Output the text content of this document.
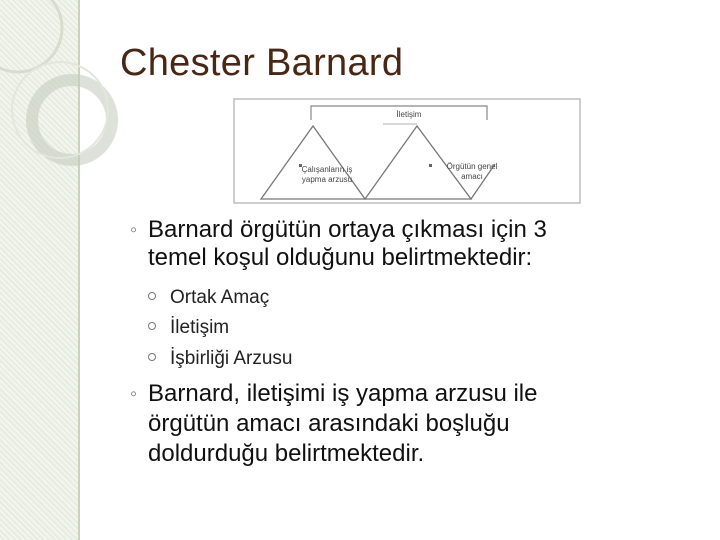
Chester Barnard
İletişim
Çalışanların iş
yapma arzusu
Örgütün genel
amacı
◦ Barnard örgütün ortaya çıkması için 3
temel koşul olduğunu belirtmektedir:
Ortak Amaç
İletişim
İşbirliği Arzusu
◦ Barnard, iletişimi iş yapma arzusu ile
örgütün amacı arasındaki boşluğu
doldurduğu belirtmektedir.
